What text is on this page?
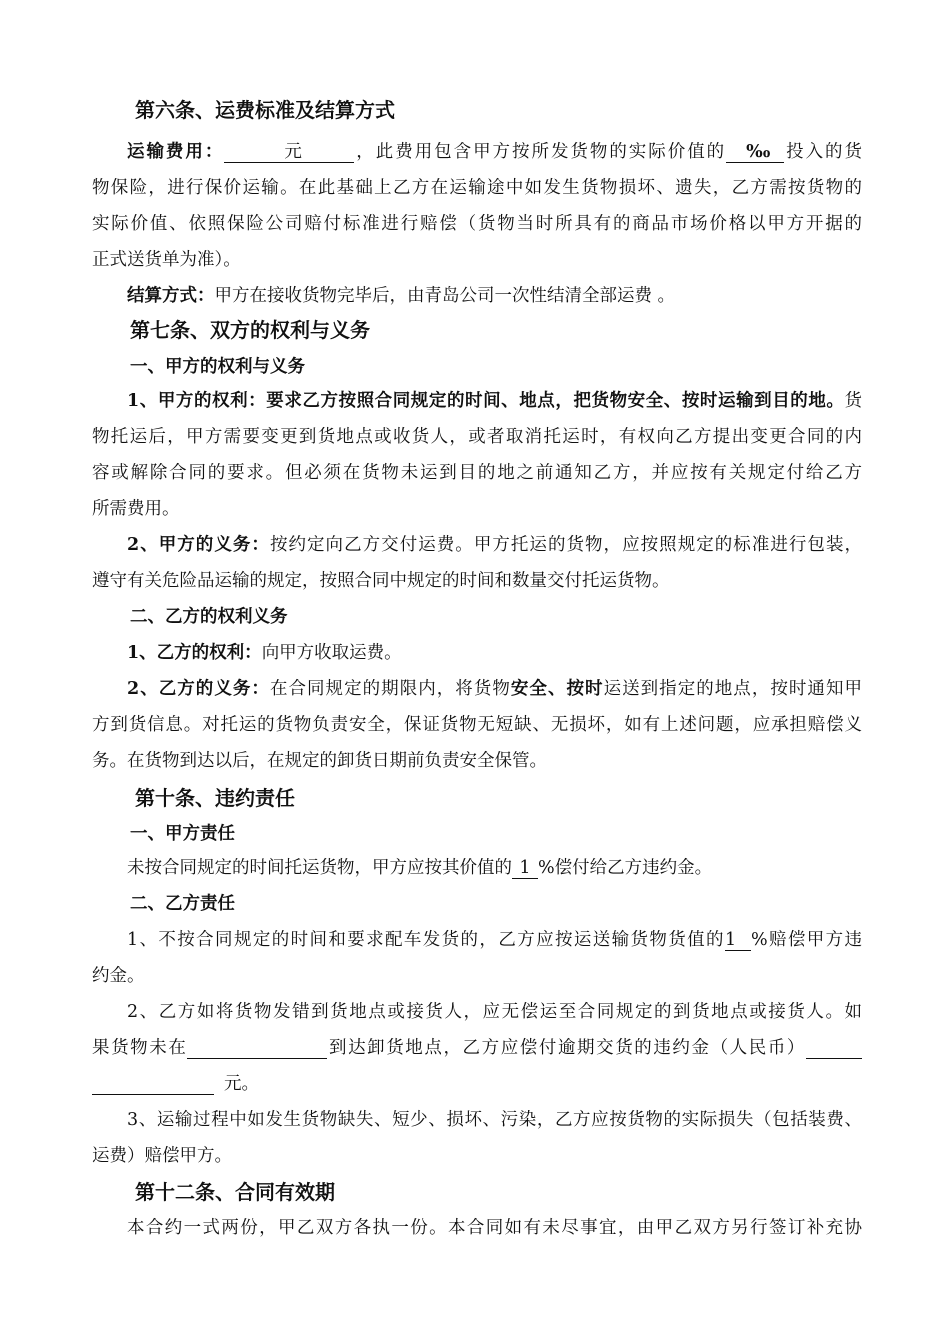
第六条、运费标准及结算方式
运输费用：	元	，此费用包含甲方按所发货物的实际价值的 ‰ 投入的货
物保险，进行保价运输。在此基础上乙方在运输途中如发生货物损坏、遗失，乙方需按货物的
实际价值、依照保险公司赔付标准进行赔偿（货物当时所具有的商品市场价格以甲方开据的
正式送货单为准）。
结算方式：甲方在接收货物完毕后，由青岛公司一次性结清全部运费 。
第七条、双方的权利与义务
一、甲方的权利与义务
1、甲方的权利：要求乙方按照合同规定的时间、地点，把货物安全、按时运输到目的地。货
物托运后，甲方需要变更到货地点或收货人，或者取消托运时，有权向乙方提出变更合同的内
容或解除合同的要求。但必须在货物未运到目的地之前通知乙方，并应按有关规定付给乙方
所需费用。
2、甲方的义务：按约定向乙方交付运费。甲方托运的货物，应按照规定的标准进行包装，
遵守有关危险品运输的规定，按照合同中规定的时间和数量交付托运货物。
二、乙方的权利义务
1、乙方的权利：向甲方收取运费。
2、乙方的义务：在合同规定的期限内，将货物安全、按时运送到指定的地点，按时通知甲
方到货信息。对托运的货物负责安全，保证货物无短缺、无损坏，如有上述问题，应承担赔偿义
务。在货物到达以后，在规定的卸货日期前负责安全保管。
第十条、违约责任
一、甲方责任
未按合同规定的时间托运货物，甲方应按其价值的 1 %偿付给乙方违约金。
二、乙方责任
1、不按合同规定的时间和要求配车发货的，乙方应按运送输货物货值的1 %赔偿甲方违
约金。
2、乙方如将货物发错到货地点或接货人，应无偿运至合同规定的到货地点或接货人。如
果货物未在	到达卸货地点，乙方应偿付逾期交货的违约金（人民币）
元。
3、运输过程中如发生货物缺失、短少、损坏、污染，乙方应按货物的实际损失（包括装费、
运费）赔偿甲方。
第十二条、合同有效期
本合约一式两份，甲乙双方各执一份。本合同如有未尽事宜，由甲乙双方另行签订补充协
